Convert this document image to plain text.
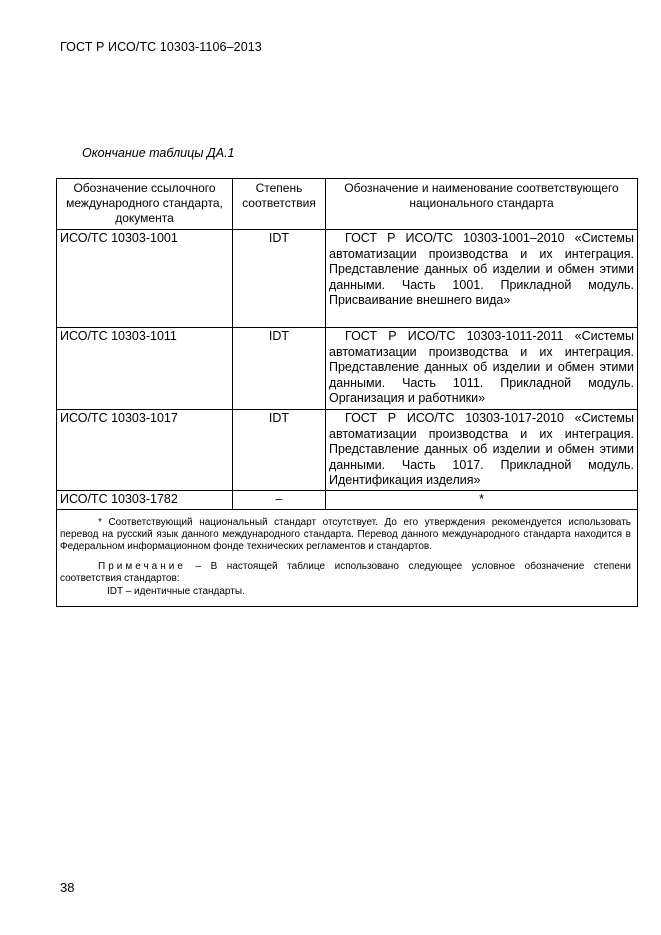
ГОСТ Р ИСО/ТС 10303-1106–2013
Окончание таблицы ДА.1
Обозначение ссылочного международного стандарта, документа	Степень соответствия	Обозначение и наименование соответствующего национального стандарта
ИСО/ТС 10303-1001	IDT	ГОСТ Р ИСО/ТС 10303-1001–2010 «Системы автоматизации производства и их интеграция. Представление данных об изделии и обмен этими данными. Часть 1001. Прикладной модуль. Присваивание внешнего вида»
ИСО/ТС 10303-1011	IDT	ГОСТ Р ИСО/ТС 10303-1011-2011 «Системы автоматизации производства и их интеграция. Представление данных об изделии и обмен этими данными. Часть 1011. Прикладной модуль. Организация и работники»
ИСО/ТС 10303-1017	IDT	ГОСТ Р ИСО/ТС 10303-1017-2010 «Системы автоматизации производства и их интеграция. Представление данных об изделии и обмен этими данными. Часть 1017. Прикладной модуль. Идентификация изделия»
ИСО/ТС 10303-1782	–	*

* Соответствующий национальный стандарт отсутствует. До его утверждения рекомендуется использовать перевод на русский язык данного международного стандарта. Перевод данного международного стандарта находится в Федеральном информационном фонде технических регламентов и стандартов.
Примечание – В настоящей таблице использовано следующее условное обозначение степени соответствия стандартов:
IDT – идентичные стандарты.		
38
